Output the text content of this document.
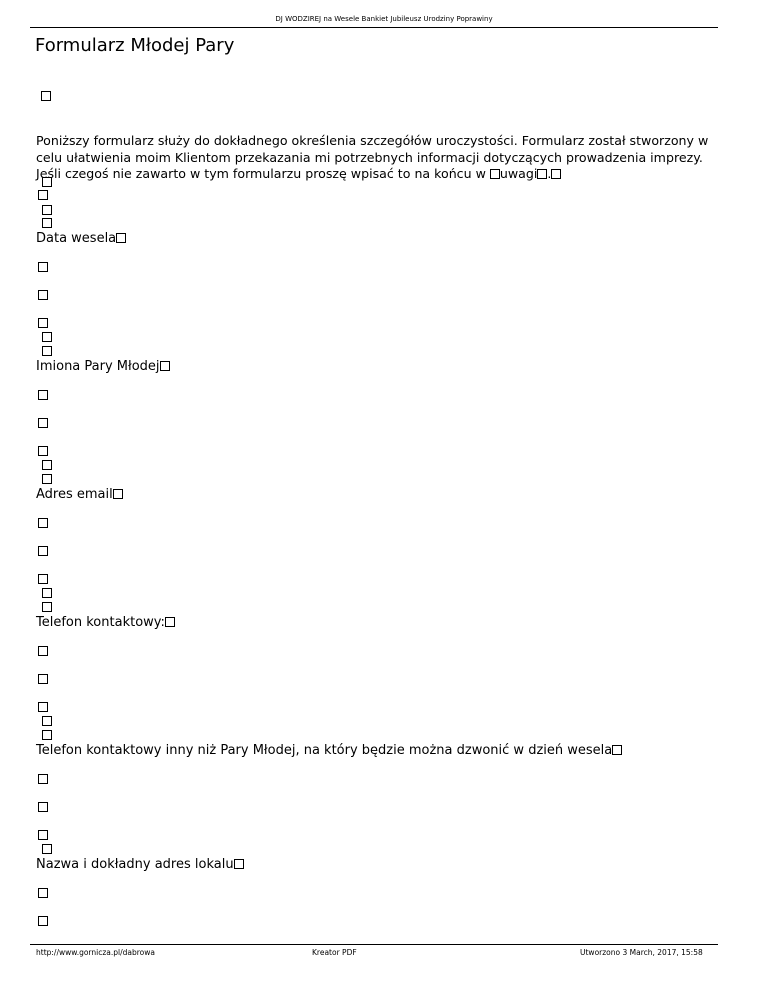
DJ WODZIREJ na Wesele Bankiet Jubileusz Urodziny Poprawiny
Formularz Młodej Pary

Poniższy formularz służy do dokładnego określenia szczegółów uroczystości. Formularz został stworzony w celu ułatwienia moim Klientom przekazania mi potrzebnych informacji dotyczących prowadzenia imprezy. Jeśli czegoś nie zawarto w tym formularzu proszę wpisać to na końcu w uwagi .

Data wesela
Imiona Pary Młodej
Adres email
Telefon kontaktowy:
Telefon kontaktowy inny niż Pary Młodej, na który będzie można dzwonić w dzień wesela
Nazwa i dokładny adres lokalu
http://www.gornicza.pl/dabrowa	Kreator PDF	Utworzono 3 March, 2017, 15:58
